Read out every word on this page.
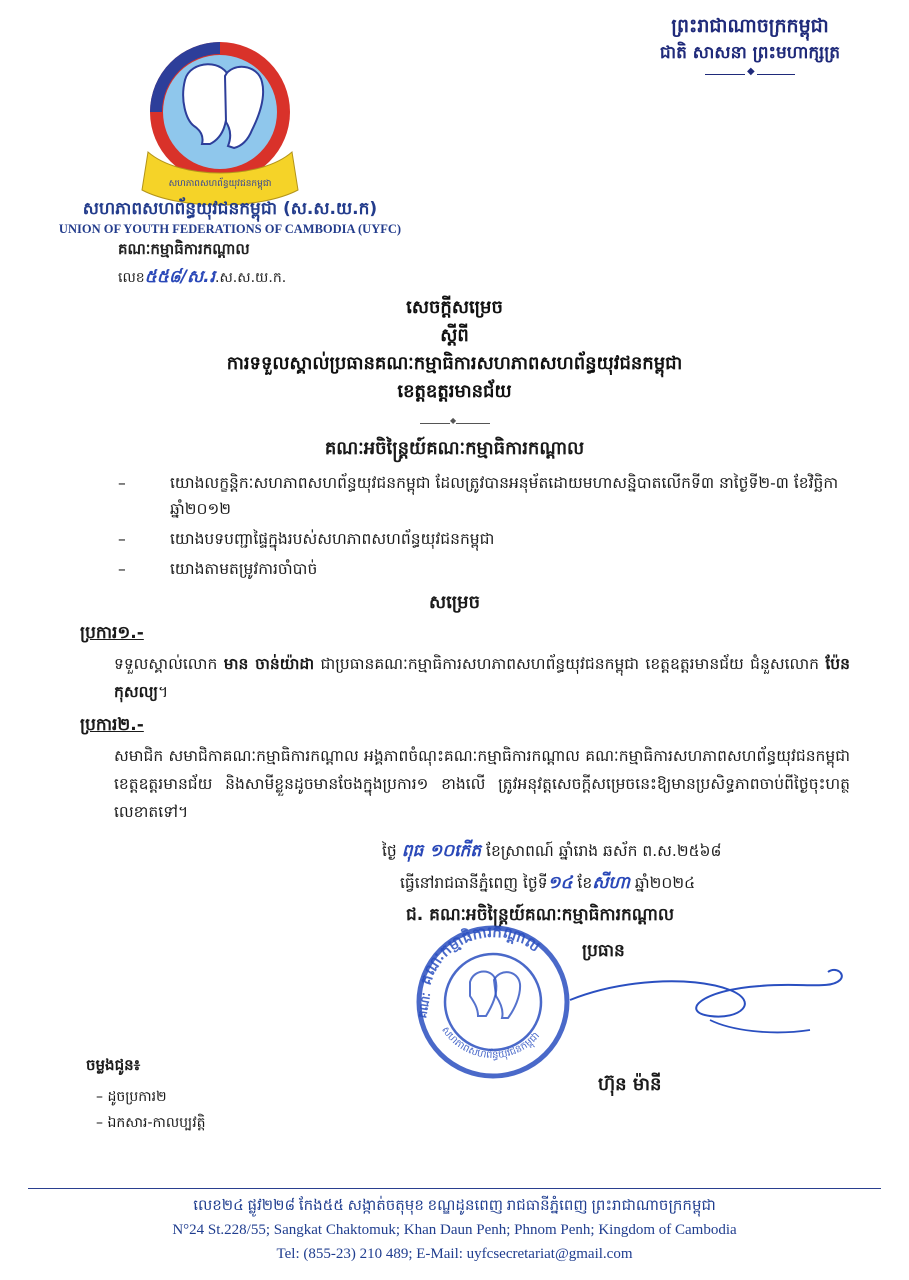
ព្រះរាជាណាចក្រកម្ពុជា
ជាតិ សាសនា ព្រះមហាក្សត្រ
◆
សហភាពសហព័ន្ធយុវជនកម្ពុជា
សហភាពសហព័ន្ធយុវជនកម្ពុជា (ស.ស.យ.ក)
UNION OF YOUTH FEDERATIONS OF CAMBODIA (UYFC)
គណៈកម្មាធិការកណ្តាល
លេខ៥៥៨/ស.រ.ស.ស.យ.ក.
សេចក្តីសម្រេច
ស្តីពី
ការទទួលស្គាល់ប្រធានគណៈកម្មាធិការសហភាពសហព័ន្ធយុវជនកម្ពុជា
ខេត្តឧត្តរមានជ័យ
◆
គណៈអចិន្ត្រៃយ៍គណៈកម្មាធិការកណ្តាល
–	យោងលក្ខន្តិកៈសហភាពសហព័ន្ធយុវជនកម្ពុជា ដែលត្រូវបានអនុម័តដោយមហាសន្និបាតលើកទី៣ នាថ្ងៃទី២-៣ ខែវិច្ឆិកា ឆ្នាំ២០១២
–	យោងបទបញ្ជាផ្ទៃក្នុងរបស់សហភាពសហព័ន្ធយុវជនកម្ពុជា
–	យោងតាមតម្រូវការចាំបាច់
សម្រេច
ប្រការ១.-
ទទួលស្គាល់លោក មាន ចាន់យ៉ាដា ជាប្រធានគណៈកម្មាធិការសហភាពសហព័ន្ធយុវជនកម្ពុជា ខេត្តឧត្តរមានជ័យ ជំនួសលោក ប៉ែន កុសល្យ។
ប្រការ២.-
សមាជិក សមាជិកាគណៈកម្មាធិការកណ្តាល អង្គភាពចំណុះគណៈកម្មាធិការកណ្តាល គណៈកម្មាធិការសហភាពសហព័ន្ធយុវជនកម្ពុជា ខេត្តឧត្តរមានជ័យ និងសាមីខ្លួនដូចមានចែងក្នុងប្រការ១ ខាងលើ ត្រូវអនុវត្តសេចក្តីសម្រេចនេះឱ្យមានប្រសិទ្ធភាពចាប់ពីថ្ងៃចុះហត្ថលេខាតទៅ។
ថ្ងៃ ពុធ ១០កើត ខែស្រាពណ៍ ឆ្នាំរោង ឆស័ក ព.ស.២៥៦៨
ធ្វើនៅរាជធានីភ្នំពេញ ថ្ងៃទី១៤ ខែសីហា ឆ្នាំ២០២៤
ជ. គណៈអចិន្ត្រៃយ៍គណៈកម្មាធិការកណ្តាល
ប្រធាន
គណៈកម្មាធិការកណ្តាល
សហភាពសហព័ន្ធយុវជនកម្ពុជា
គណៈ
ហ៊ុន ម៉ានី
ចម្លងជូន៖
– ដូចប្រការ២
– ឯកសារ-កាលប្បវត្តិ
លេខ២៤ ផ្លូវ២២៨ កែង៥៥ សង្កាត់ចតុមុខ ខណ្ឌដូនពេញ រាជធានីភ្នំពេញ ព្រះរាជាណាចក្រកម្ពុជា
N°24 St.228/55; Sangkat Chaktomuk; Khan Daun Penh; Phnom Penh; Kingdom of Cambodia
Tel: (855-23) 210 489; E-Mail: uyfcsecretariat@gmail.com
